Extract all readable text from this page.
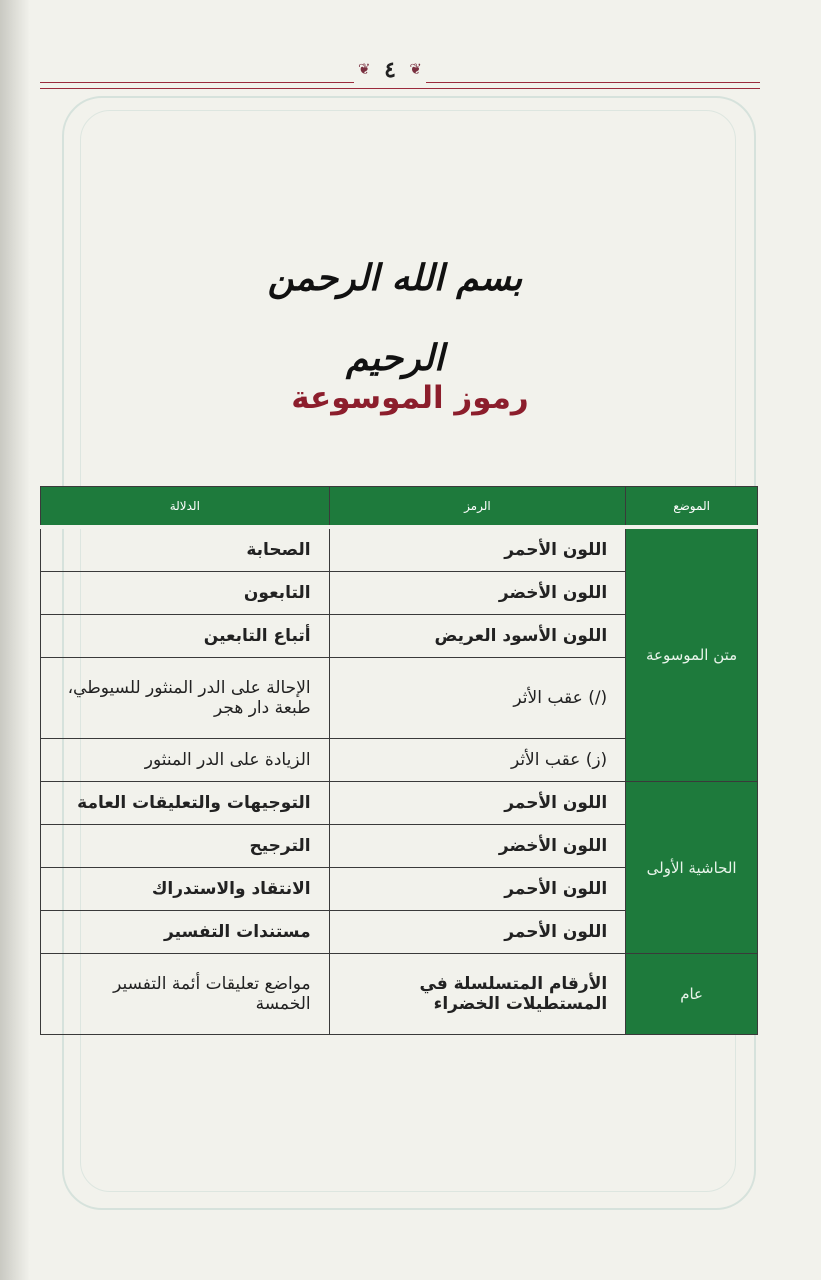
❦ ٤ ❦
بسم الله الرحمن الرحيم
رموز الموسوعة
الموضع	الرمز	الدلالة
متن الموسوعة	اللون الأحمر	الصحابة
	اللون الأخضر	التابعون
	اللون الأسود العريض	أتباع التابعين
	(/) عقب الأثر	الإحالة على الدر المنثور للسيوطي، طبعة دار هجر
	(ز) عقب الأثر	الزيادة على الدر المنثور
الحاشية الأولى	اللون الأحمر	التوجيهات والتعليقات العامة
	اللون الأخضر	الترجيح
	اللون الأحمر	الانتقاد والاستدراك
	اللون الأحمر	مستندات التفسير
عام	الأرقام المتسلسلة في المستطيلات الخضراء	مواضع تعليقات أئمة التفسير الخمسة
